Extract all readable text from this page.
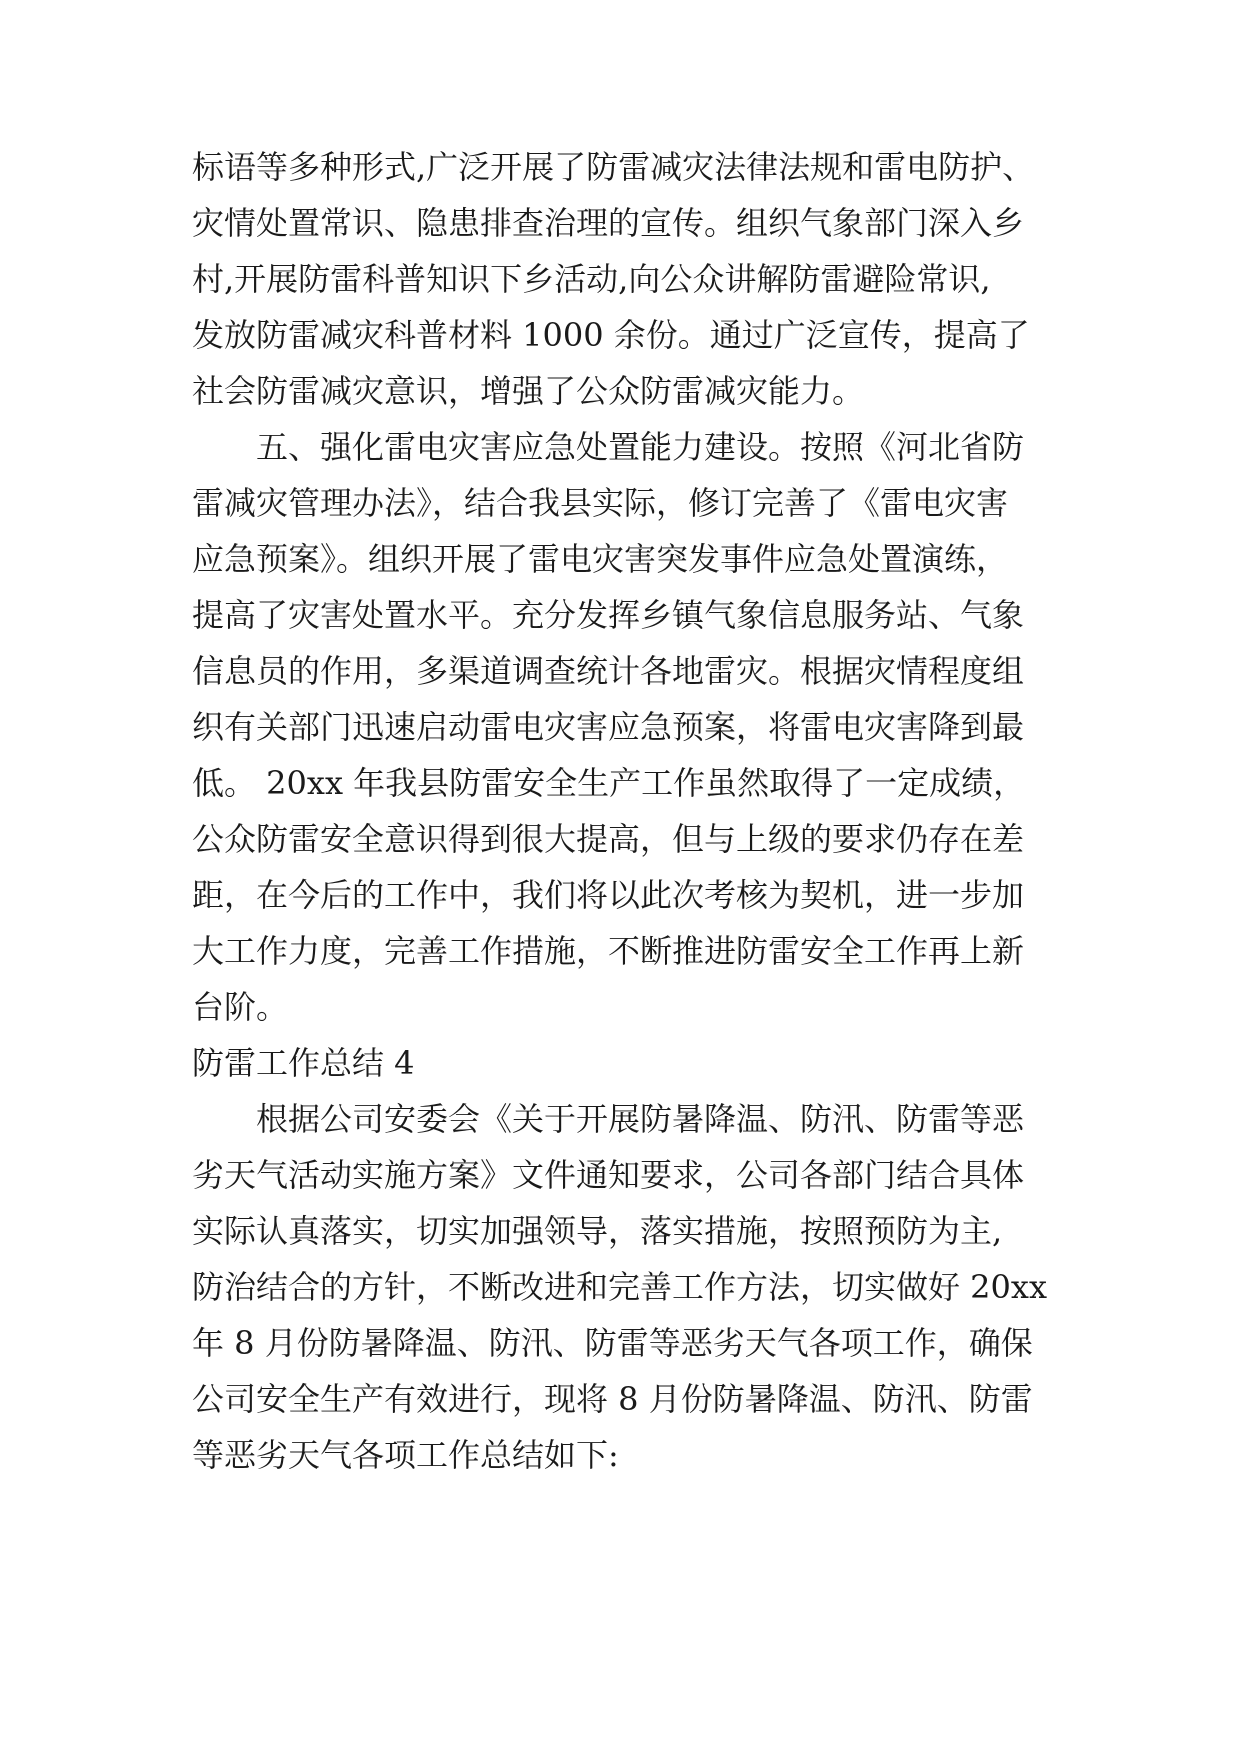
标语等多种形式,广泛开展了防雷减灾法律法规和雷电防护、
灾情处置常识、隐患排查治理的宣传。组织气象部门深入乡
村,开展防雷科普知识下乡活动,向公众讲解防雷避险常识,
发放防雷减灾科普材料 1000 余份。通过广泛宣传，提高了
社会防雷减灾意识，增强了公众防雷减灾能力。
五、强化雷电灾害应急处置能力建设。按照《河北省防
雷减灾管理办法》，结合我县实际，修订完善了《雷电灾害
应急预案》。组织开展了雷电灾害突发事件应急处置演练，
提高了灾害处置水平。充分发挥乡镇气象信息服务站、气象
信息员的作用，多渠道调查统计各地雷灾。根据灾情程度组
织有关部门迅速启动雷电灾害应急预案，将雷电灾害降到最
低。 20xx 年我县防雷安全生产工作虽然取得了一定成绩，
公众防雷安全意识得到很大提高，但与上级的要求仍存在差
距，在今后的工作中，我们将以此次考核为契机，进一步加
大工作力度，完善工作措施，不断推进防雷安全工作再上新
台阶。
防雷工作总结 4
根据公司安委会《关于开展防暑降温、防汛、防雷等恶
劣天气活动实施方案》文件通知要求，公司各部门结合具体
实际认真落实，切实加强领导，落实措施，按照预防为主,
防治结合的方针，不断改进和完善工作方法，切实做好 20xx
年 8 月份防暑降温、防汛、防雷等恶劣天气各项工作，确保
公司安全生产有效进行，现将 8 月份防暑降温、防汛、防雷
等恶劣天气各项工作总结如下:
